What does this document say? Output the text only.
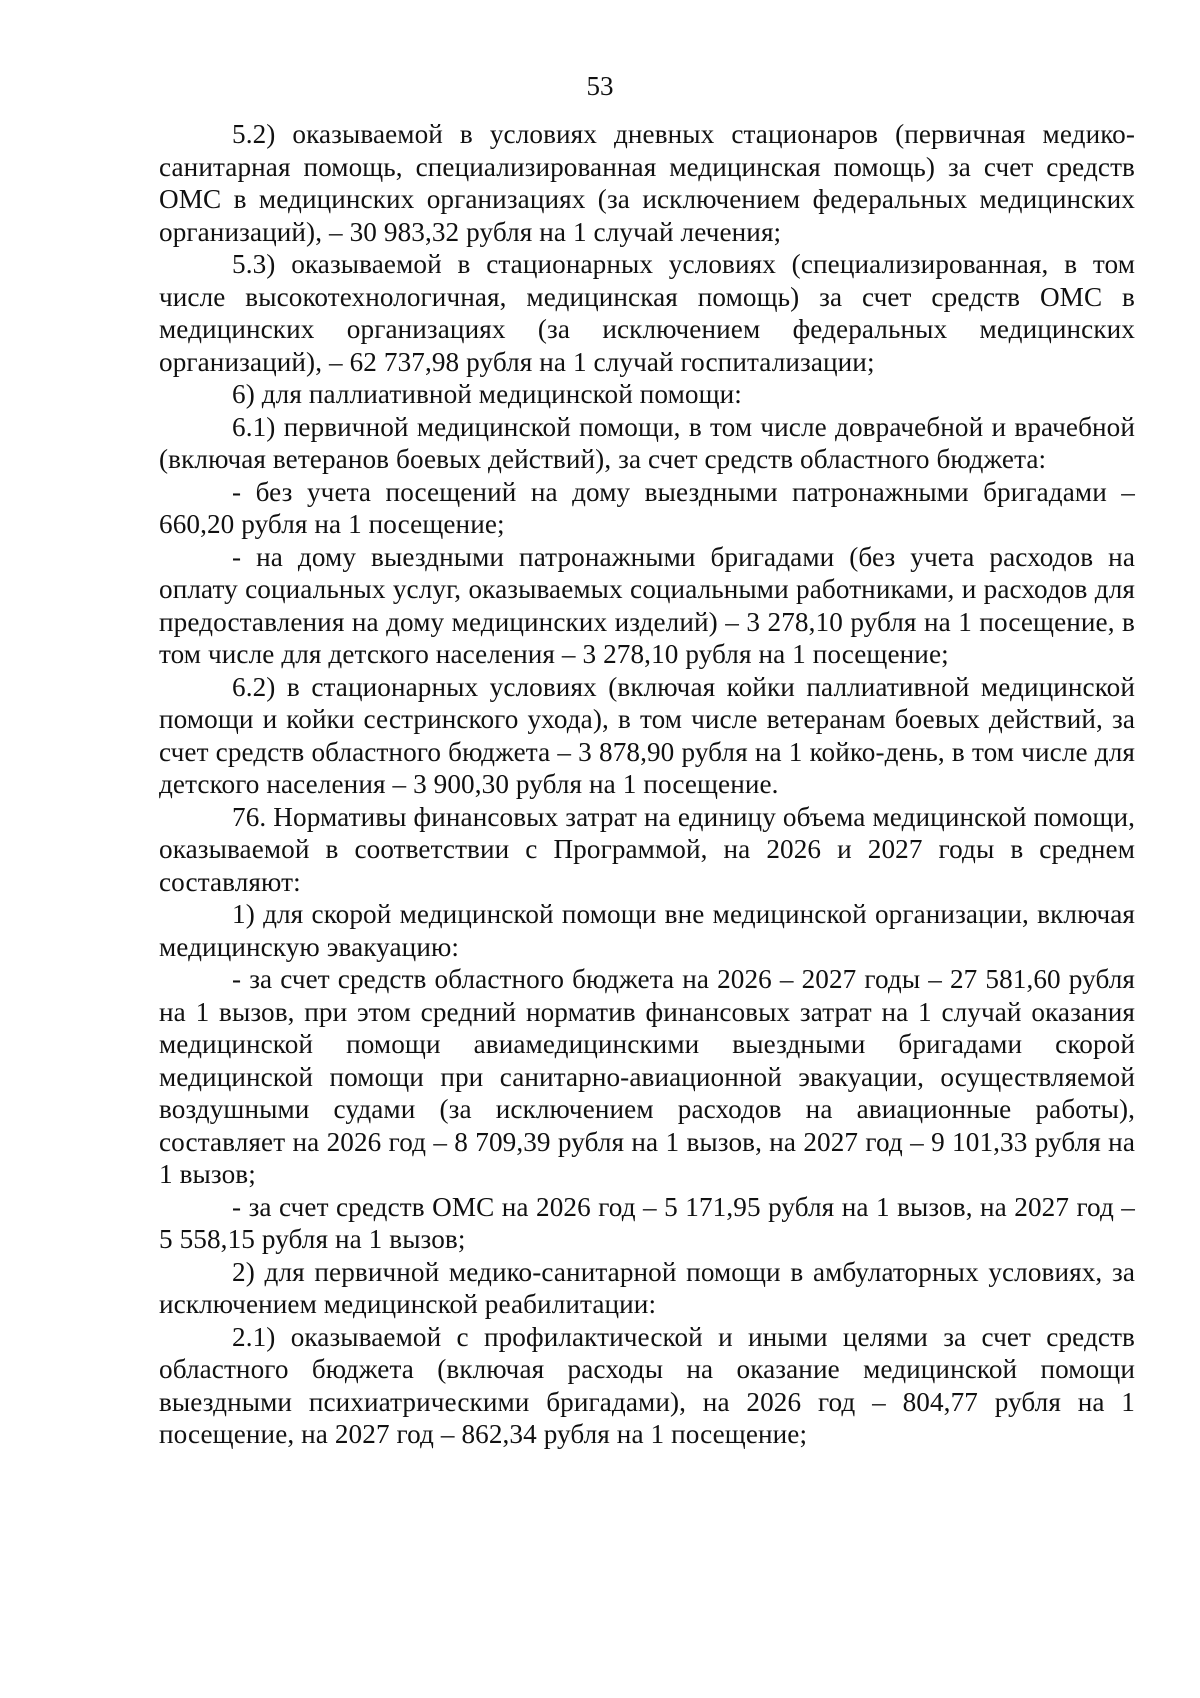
53

5.2) оказываемой в условиях дневных стационаров (первичная медико-санитарная помощь, специализированная медицинская помощь) за счет средств ОМС в медицинских организациях (за исключением федеральных медицинских организаций), – 30 983,32 рубля на 1 случай лечения;

5.3) оказываемой в стационарных условиях (специализированная, в том числе высокотехнологичная, медицинская помощь) за счет средств ОМС в медицинских организациях (за исключением федеральных медицинских организаций), – 62 737,98 рубля на 1 случай госпитализации;

6) для паллиативной медицинской помощи:

6.1) первичной медицинской помощи, в том числе доврачебной и врачебной (включая ветеранов боевых действий), за счет средств областного бюджета:

- без учета посещений на дому выездными патронажными бригадами – 660,20 рубля на 1 посещение;

- на дому выездными патронажными бригадами (без учета расходов на оплату социальных услуг, оказываемых социальными работниками, и расходов для предоставления на дому медицинских изделий) – 3 278,10 рубля на 1 посещение, в том числе для детского населения – 3 278,10 рубля на 1 посещение;

6.2) в стационарных условиях (включая койки паллиативной медицинской помощи и койки сестринского ухода), в том числе ветеранам боевых действий, за счет средств областного бюджета – 3 878,90 рубля на 1 койко-день, в том числе для детского населения – 3 900,30 рубля на 1 посещение.

76. Нормативы финансовых затрат на единицу объема медицинской помощи, оказываемой в соответствии с Программой, на 2026 и 2027 годы в среднем составляют:

1) для скорой медицинской помощи вне медицинской организации, включая медицинскую эвакуацию:

- за счет средств областного бюджета на 2026 – 2027 годы – 27 581,60 рубля на 1 вызов, при этом средний норматив финансовых затрат на 1 случай оказания медицинской помощи авиамедицинскими выездными бригадами скорой медицинской помощи при санитарно-авиационной эвакуации, осуществляемой воздушными судами (за исключением расходов на авиационные работы), составляет на 2026 год – 8 709,39 рубля на 1 вызов, на 2027 год – 9 101,33 рубля на 1 вызов;

- за счет средств ОМС на 2026 год – 5 171,95 рубля на 1 вызов, на 2027 год – 5 558,15 рубля на 1 вызов;

2) для первичной медико-санитарной помощи в амбулаторных условиях, за исключением медицинской реабилитации:

2.1) оказываемой с профилактической и иными целями за счет средств областного бюджета (включая расходы на оказание медицинской помощи выездными психиатрическими бригадами), на 2026 год – 804,77 рубля на 1 посещение, на 2027 год – 862,34 рубля на 1 посещение;
